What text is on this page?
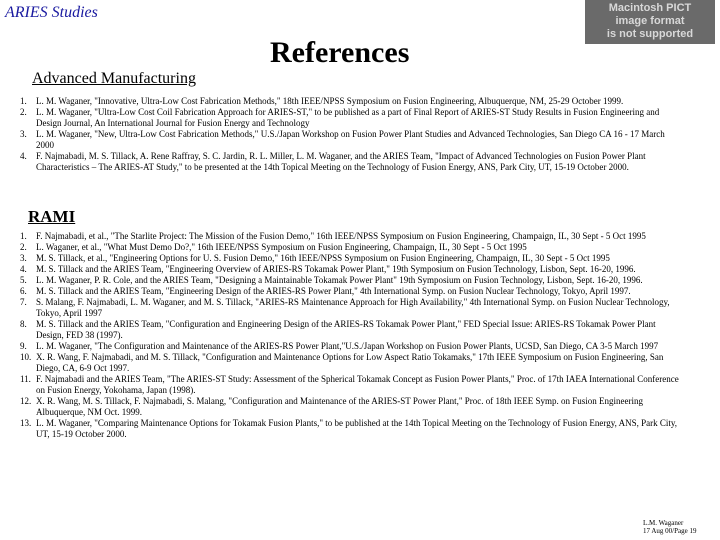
ARIES Studies	Macintosh PICT
image format
is not supported
References
Advanced Manufacturing
1.	L. M. Waganer, "Innovative, Ultra-Low Cost Fabrication Methods," 18th IEEE/NPSS Symposium on Fusion Engineering, Albuquerque, NM, 25-29 October 1999.
2.	L. M. Waganer, "Ultra-Low Cost Coil Fabrication Approach for ARIES-ST," to be published as a part of Final Report of ARIES-ST Study Results in Fusion Engineering and Design Journal, An International Journal for Fusion Energy and Technology
3.	L. M. Waganer, "New, Ultra-Low Cost Fabrication Methods," U.S./Japan Workshop on Fusion Power Plant Studies and Advanced Technologies, San Diego CA 16 - 17 March 2000
4.	F. Najmabadi, M. S. Tillack, A. Rene Raffray, S. C. Jardin, R. L. Miller, L. M. Waganer, and the ARIES Team, "Impact of Advanced Technologies on Fusion Power Plant Characteristics – The ARIES-AT Study," to be presented at the 14th Topical Meeting on the Technology of Fusion Energy, ANS, Park City, UT, 15-19 October 2000.
RAMI
1.	F. Najmabadi, et al., "The Starlite Project: The Mission of the Fusion Demo," 16th IEEE/NPSS Symposium on Fusion Engineering, Champaign, IL, 30 Sept - 5 Oct 1995
2.	L. Waganer, et al., "What Must Demo Do?," 16th IEEE/NPSS Symposium on Fusion Engineering, Champaign, IL, 30 Sept - 5 Oct 1995
3.	M. S. Tillack, et al., "Engineering Options for U. S. Fusion Demo," 16th IEEE/NPSS Symposium on Fusion Engineering, Champaign, IL, 30 Sept - 5 Oct 1995
4.	M. S. Tillack and the ARIES Team, "Engineering Overview of ARIES-RS Tokamak Power Plant," 19th Symposium on Fusion Technology, Lisbon, Sept. 16-20, 1996.
5.	L. M. Waganer, P. R. Cole, and the ARIES Team, "Designing a Maintainable Tokamak Power Plant" 19th Symposium on Fusion Technology, Lisbon, Sept. 16-20, 1996.
6.	M. S. Tillack and the ARIES Team, "Engineering Design of the ARIES-RS Power Plant," 4th International Symp. on Fusion Nuclear Technology, Tokyo, April 1997.
7.	S. Malang, F. Najmabadi, L. M. Waganer, and M. S. Tillack, "ARIES-RS Maintenance Approach for High Availability," 4th International Symp. on Fusion Nuclear Technology, Tokyo, April 1997
8.	M. S. Tillack and the ARIES Team, "Configuration and Engineering Design of the ARIES-RS Tokamak Power Plant," FED Special Issue: ARIES-RS Tokamak Power Plant Design, FED 38 (1997).
9.	L. M. Waganer, "The Configuration and Maintenance of the ARIES-RS Power Plant,"U.S./Japan Workshop on Fusion Power Plants, UCSD, San Diego, CA 3-5 March 1997
10. X. R. Wang, F. Najmabadi, and M. S. Tillack, "Configuration and Maintenance Options for Low Aspect Ratio Tokamaks," 17th IEEE Symposium on Fusion Engineering, San Diego, CA, 6-9 Oct 1997.
11. F. Najmabadi and the ARIES Team, "The ARIES-ST Study: Assessment of the Spherical Tokamak Concept as Fusion Power Plants," Proc. of 17th IAEA International Conference on Fusion Energy, Yokohama, Japan (1998).
12. X. R. Wang, M. S. Tillack, F. Najmabadi, S. Malang, "Configuration and Maintenance of the ARIES-ST Power Plant," Proc. of 18th IEEE Symp. on Fusion Engineering Albuquerque, NM Oct. 1999.
13. L. M. Waganer, "Comparing Maintenance Options for Tokamak Fusion Plants," to be published at the 14th Topical Meeting on the Technology of Fusion Energy, ANS, Park City, UT, 15-19 October 2000.
L.M. Waganer
17 Aug 00/Page 19
